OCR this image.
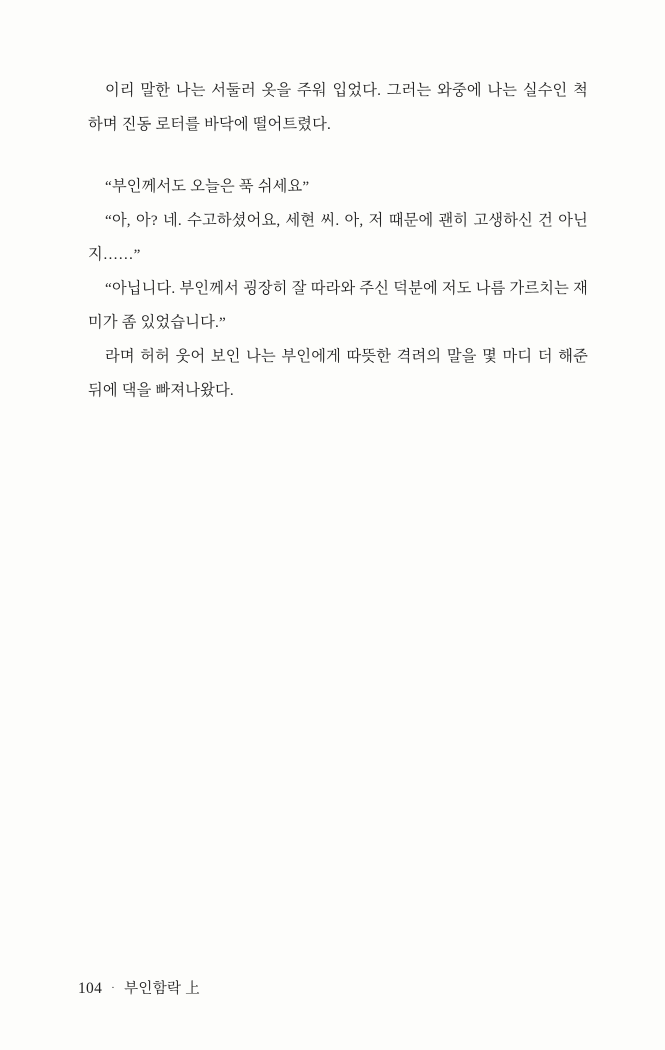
이리 말한 나는 서둘러 옷을 주워 입었다. 그러는 와중에 나는 실수인 척 하며 진동 로터를 바닥에 떨어트렸다.

“부인께서도 오늘은 푹 쉬세요”

“아, 아? 네. 수고하셨어요, 세현 씨. 아, 저 때문에 괜히 고생하신 건 아닌지……”

“아닙니다. 부인께서 굉장히 잘 따라와 주신 덕분에 저도 나름 가르치는 재미가 좀 있었습니다.”

라며 허허 웃어 보인 나는 부인에게 따뜻한 격려의 말을 몇 마디 더 해준 뒤에 댁을 빠져나왔다.

104 · 부인함락 上
